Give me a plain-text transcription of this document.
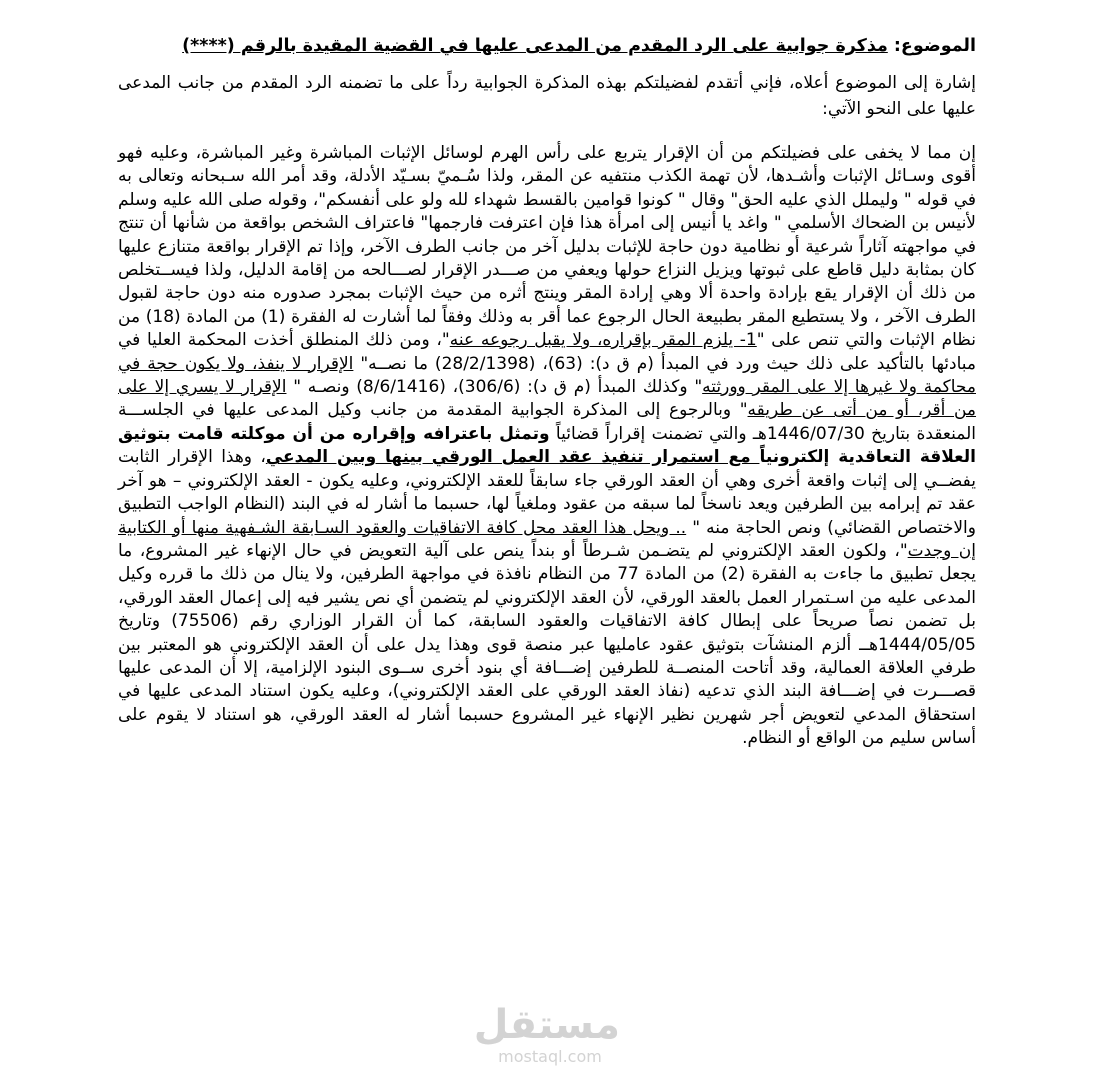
الموضوع: مذكرة جوابية على الرد المقدم من المدعى عليها في القضية المقيدة بالرقم (****)

إشارة إلى الموضوع أعلاه، فإني أتقدم لفضيلتكم بهذه المذكرة الجوابية رداً على ما تضمنه الرد المقدم من جانب المدعى عليها على النحو الآتي:

إن مما لا يخفى على فضيلتكم من أن الإقرار يتربع على رأس الهرم لوسائل الإثبات المباشرة وغير المباشرة، وعليه فهو أقوى وسـائل الإثبات وأشـدها، لأن تهمة الكذب منتفيه عن المقر، ولذا سُـميّ بسـيّد الأدلة، وقد أمر الله سـبحانه وتعالى به في قوله " وليملل الذي عليه الحق" وقال " كونوا قوامين بالقسط شهداء لله ولو على أنفسكم"، وقوله صلى الله عليه وسلم لأنيس بن الضحاك الأسلمي " واغد يا أنيس إلى امرأة هذا فإن اعترفت فارجمها" فاعتراف الشخص بواقعة من شأنها أن تنتج في مواجهته آثاراً شرعية أو نظامية دون حاجة للإثبات بدليل آخر من جانب الطرف الآخر، وإذا تم الإقرار بواقعة متنازع عليها كان بمثابة دليل قاطع على ثبوتها ويزيل النزاع حولها ويعفي من صـــدر الإقرار لصـــالحه من إقامة الدليل، ولذا فيســتخلص من ذلك أن الإقرار يقع بإرادة واحدة ألا وهي إرادة المقر وينتج أثره من حيث الإثبات بمجرد صدوره منه دون حاجة لقبول الطرف الآخر ، ولا يستطيع المقر بطبيعة الحال الرجوع عما أقر به وذلك وفقاً لما أشارت له الفقرة (1) من المادة (18) من نظام الإثبات والتي تنص على "1- يلزم المقر بإقراره، ولا يقبل رجوعه عنه"، ومن ذلك المنطلق أخذت المحكمة العليا في مبادئها بالتأكيد على ذلك حيث ورد في المبدأ (م ق د): (63)، (28/2/1398) ما نصــه" الإقرار لا ينفذ، ولا يكون حجة في محاكمة ولا غيرها إلا على المقر وورثته" وكذلك المبدأ (م ق د): (306/6)، (8/6/1416) ونصـه " الإقرار لا يسري إلا على من أقر، أو من أتى عن طريقه" وبالرجوع إلى المذكرة الجوابية المقدمة من جانب وكيل المدعى عليها في الجلســـة المنعقدة بتاريخ 1446/07/30هـ والتي تضمنت إقراراً قضائياً وتمثل باعترافه وإقراره من أن موكلته قامت بتوثيق العلاقة التعاقدية إلكترونياً مع استمرار تنفيذ عقد العمل الورقي بينها وبين المدعي، وهذا الإقرار الثابت يفضــي إلى إثبات واقعة أخرى وهي أن العقد الورقي جاء سابقاً للعقد الإلكتروني، وعليه يكون - العقد الإلكتروني – هو آخر عقد تم إبرامه بين الطرفين ويعد ناسخاً لما سبقه من عقود وملغياً لها، حسبما ما أشار له في البند (النظام الواجب التطبيق والاختصاص القضائي) ونص الحاجة منه " .. ويحل هذا العقد محل كافة الاتفاقيات والعقود السـابقة الشـفهية منها أو الكتابية إن وجدت"، ولكون العقد الإلكتروني لم يتضـمن شـرطاً أو بنداً ينص على آلية التعويض في حال الإنهاء غير المشروع، ما يجعل تطبيق ما جاءت به الفقرة (2) من المادة 77 من النظام نافذة في مواجهة الطرفين، ولا ينال من ذلك ما قرره وكيل المدعى عليه من اسـتمرار العمل بالعقد الورقي، لأن العقد الإلكتروني لم يتضمن أي نص يشير فيه إلى إعمال العقد الورقي، بل تضمن نصاً صريحاً على إبطال كافة الاتفاقيات والعقود السابقة، كما أن القرار الوزاري رقم (75506) وتاريخ 1444/05/05هــ ألزم المنشآت بتوثيق عقود عامليها عبر منصة قوى وهذا يدل على أن العقد الإلكتروني هو المعتبر بين طرفي العلاقة العمالية، وقد أتاحت المنصــة للطرفين إضـــافة أي بنود أخرى ســوى البنود الإلزامية، إلا أن المدعى عليها قصـــرت في إضـــافة البند الذي تدعيه (نفاذ العقد الورقي على العقد الإلكتروني)، وعليه يكون استناد المدعى عليها في استحقاق المدعي لتعويض أجر شهرين نظير الإنهاء غير المشروع حسبما أشار له العقد الورقي، هو استناد لا يقوم على أساس سليم من الواقع أو النظام.

مستقل
mostaql.com
